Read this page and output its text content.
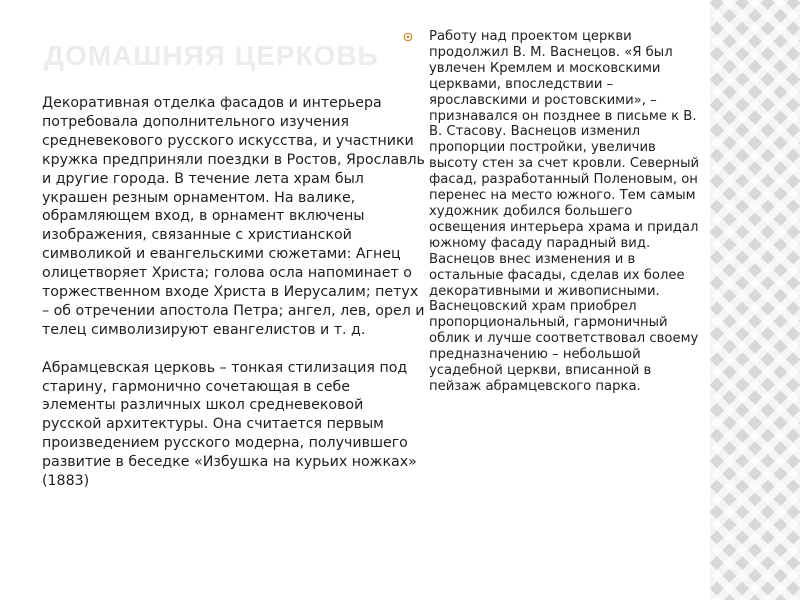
ДОМАШНЯЯ ЦЕРКОВЬ

Декоративная отделка фасадов и интерьера потребовала дополнительного изучения средневекового русского искусства, и участники кружка предприняли поездки в Ростов, Ярославль и другие города. В течение лета храм был украшен резным орнаментом. На валике, обрамляющем вход, в орнамент включены изображения, связанные с христианской символикой и евангельскими сюжетами: Агнец олицетворяет Христа; голова осла напоминает о торжественном входе Христа в Иерусалим; петух – об отречении апостола Петра; ангел, лев, орел и телец символизируют евангелистов и т. д.

Абрамцевская церковь – тонкая стилизация под старину, гармонично сочетающая в себе элементы различных школ средневековой русской архитектуры. Она считается первым произведением русского модерна, получившего развитие в беседке «Избушка на курьих ножках» (1883)

Работу над проектом церкви продолжил В. М. Васнецов. «Я был увлечен Кремлем и московскими церквами, впоследствии – ярославскими и ростовскими», – признавался он позднее в письме к В. В. Стасову. Васнецов изменил пропорции постройки, увеличив высоту стен за счет кровли. Северный фасад, разработанный Поленовым, он перенес на место южного. Тем самым художник добился большего освещения интерьера храма и придал южному фасаду парадный вид. Васнецов внес изменения и в остальные фасады, сделав их более декоративными и живописными. Васнецовский храм приобрел пропорциональный, гармоничный облик и лучше соответствовал своему предназначению – небольшой усадебной церкви, вписанной в пейзаж абрамцевского парка.
